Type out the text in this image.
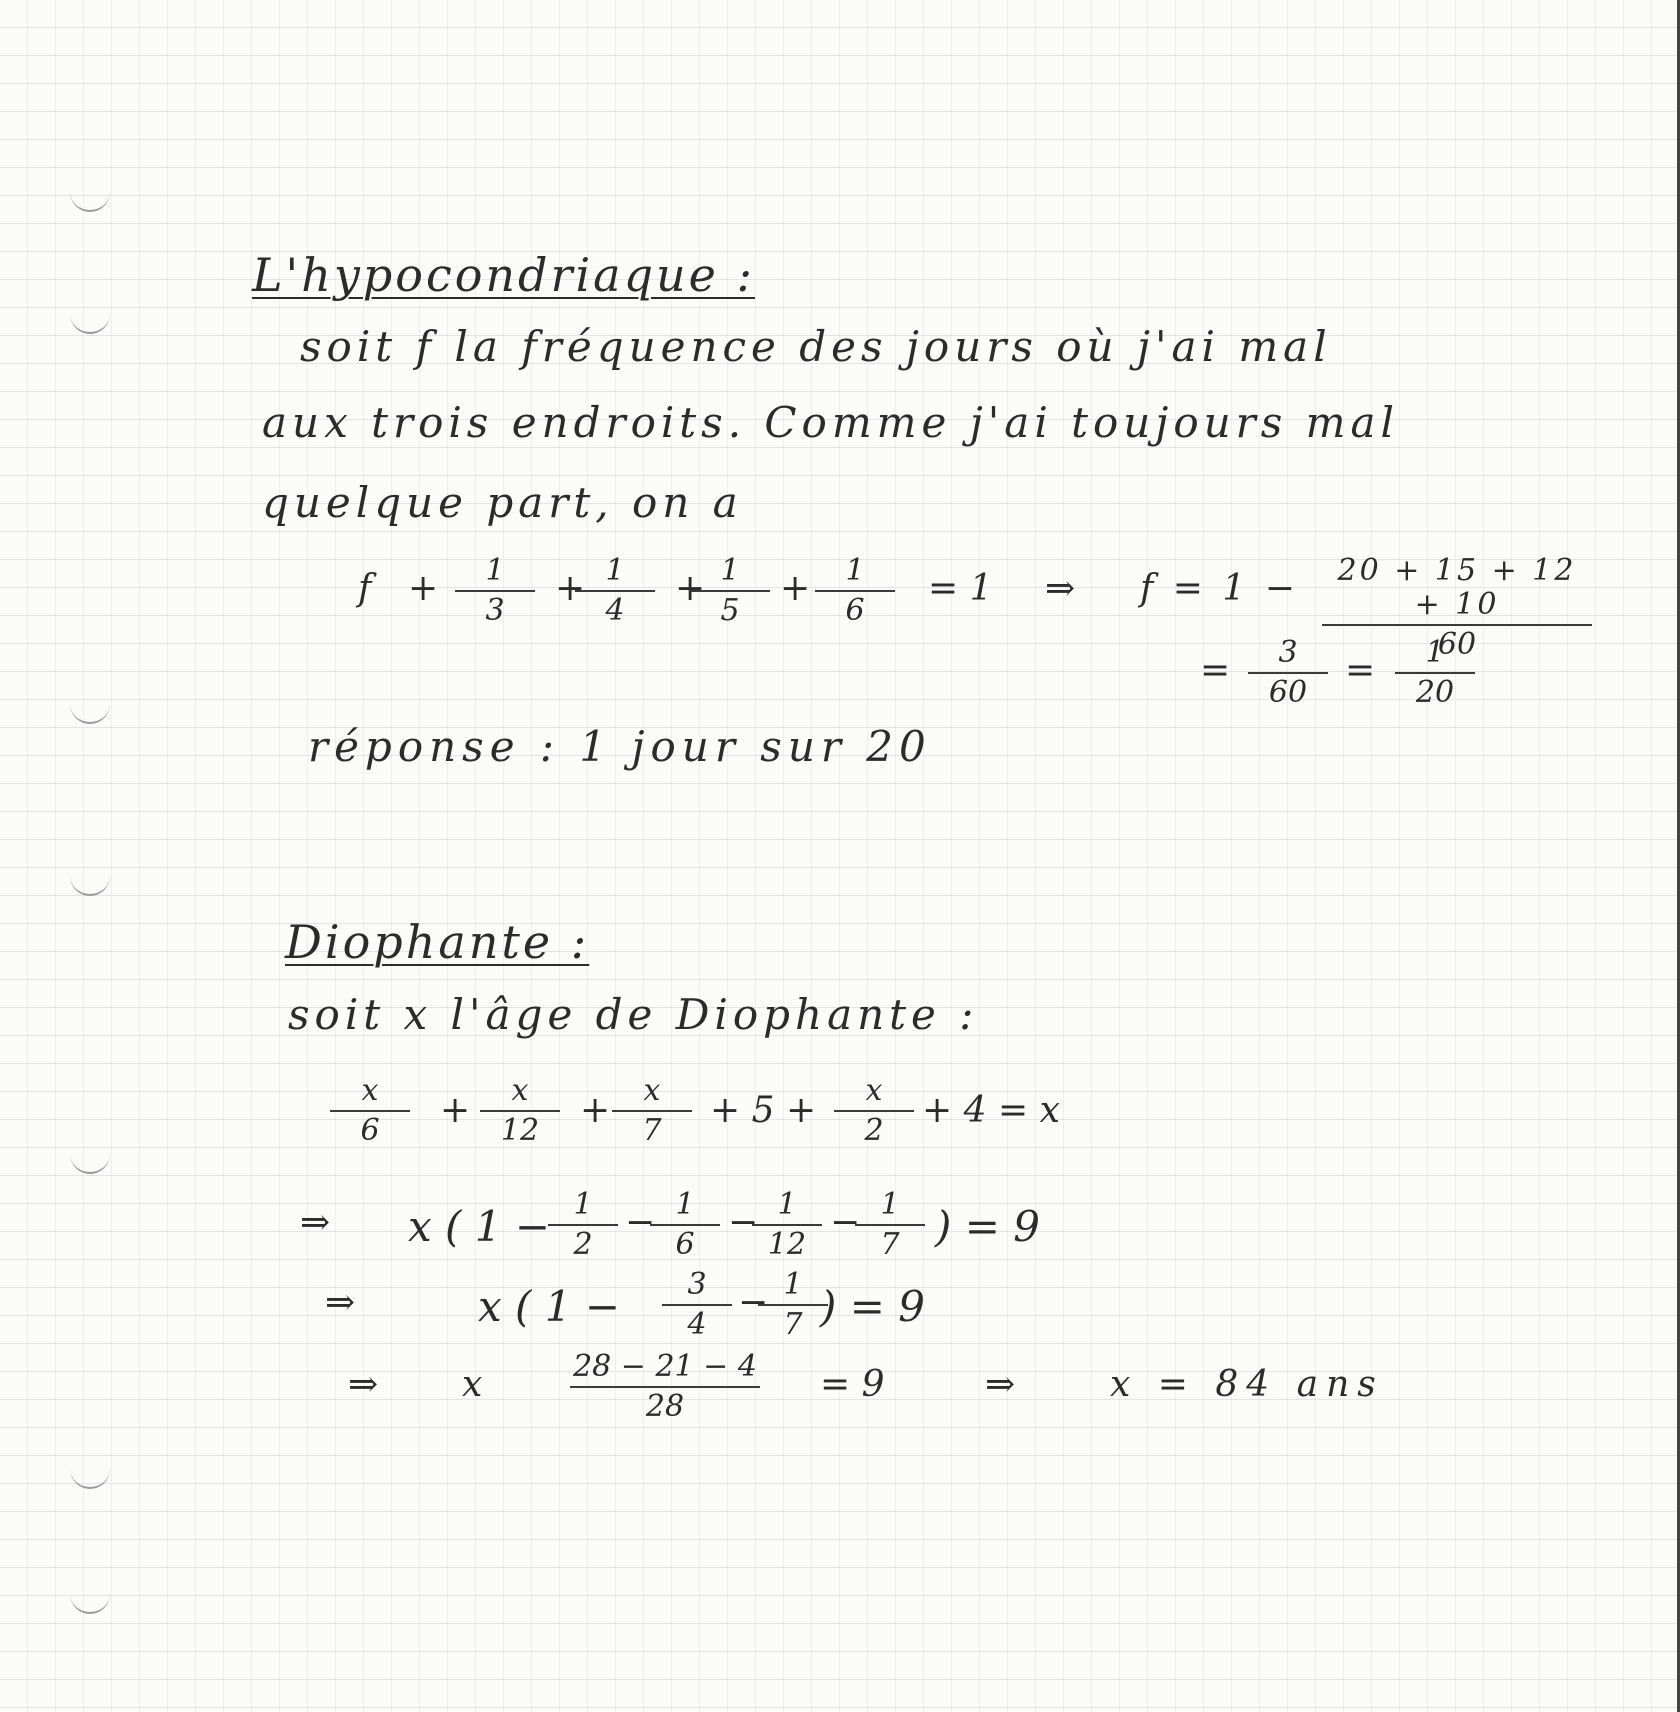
L'hypocondriaque :
soit f la fréquence des jours où j'ai mal
aux trois endroits. Comme j'ai toujours mal
quelque part, on a
f +	1
3
+ 1
4
+ 1
5
+	1
6
= 1 ⇒ f = 1 −	20 + 15 + 12 + 10
60
=	3
60
=	1
20
réponse : 1 jour sur 20
Diophante :
soit x l'âge de Diophante :
x
6	+	x
12	+	x
7	+ 5 +	x
2	+ 4 = x
⇒ x ( 1 − 1
2
− 1
6
− 1
12
− 1
7 ) = 9
⇒	x ( 1 −	3
4
− 1
7 ) = 9
⇒ x	28 − 21 − 4
28
= 9	⇒	x = 84 ans
